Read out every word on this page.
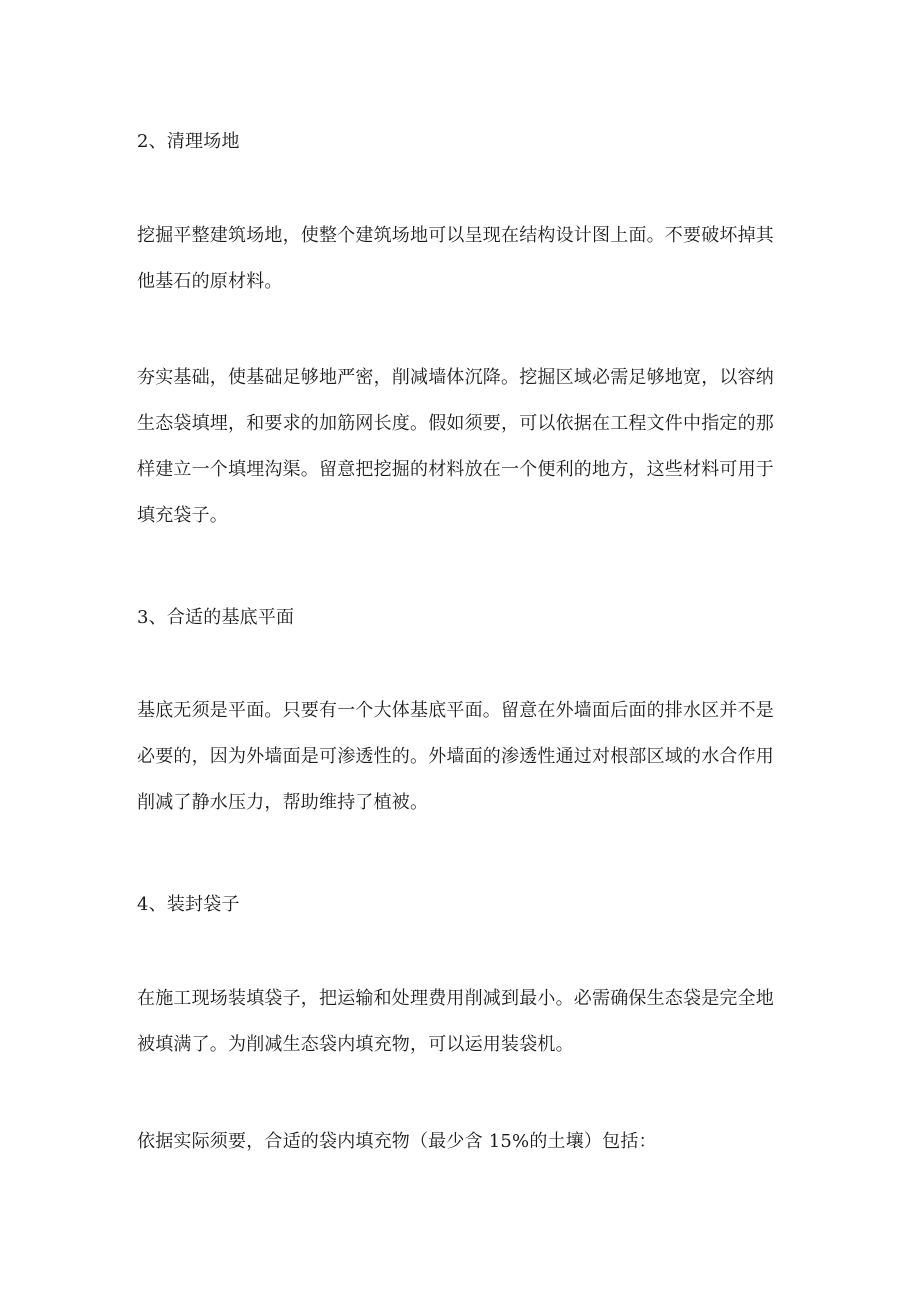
2、清理场地
挖掘平整建筑场地，使整个建筑场地可以呈现在结构设计图上面。不要破坏掉其
他基石的原材料。
夯实基础，使基础足够地严密，削减墙体沉降。挖掘区域必需足够地宽，以容纳
生态袋填埋，和要求的加筋网长度。假如须要，可以依据在工程文件中指定的那
样建立一个填埋沟渠。留意把挖掘的材料放在一个便利的地方，这些材料可用于
填充袋子。
3、合适的基底平面
基底无须是平面。只要有一个大体基底平面。留意在外墙面后面的排水区并不是
必要的，因为外墙面是可渗透性的。外墙面的渗透性通过对根部区域的水合作用
削减了静水压力，帮助维持了植被。
4、装封袋子
在施工现场装填袋子，把运输和处理费用削减到最小。必需确保生态袋是完全地
被填满了。为削减生态袋内填充物，可以运用装袋机。
依据实际须要，合适的袋内填充物（最少含 15%的土壤）包括：
